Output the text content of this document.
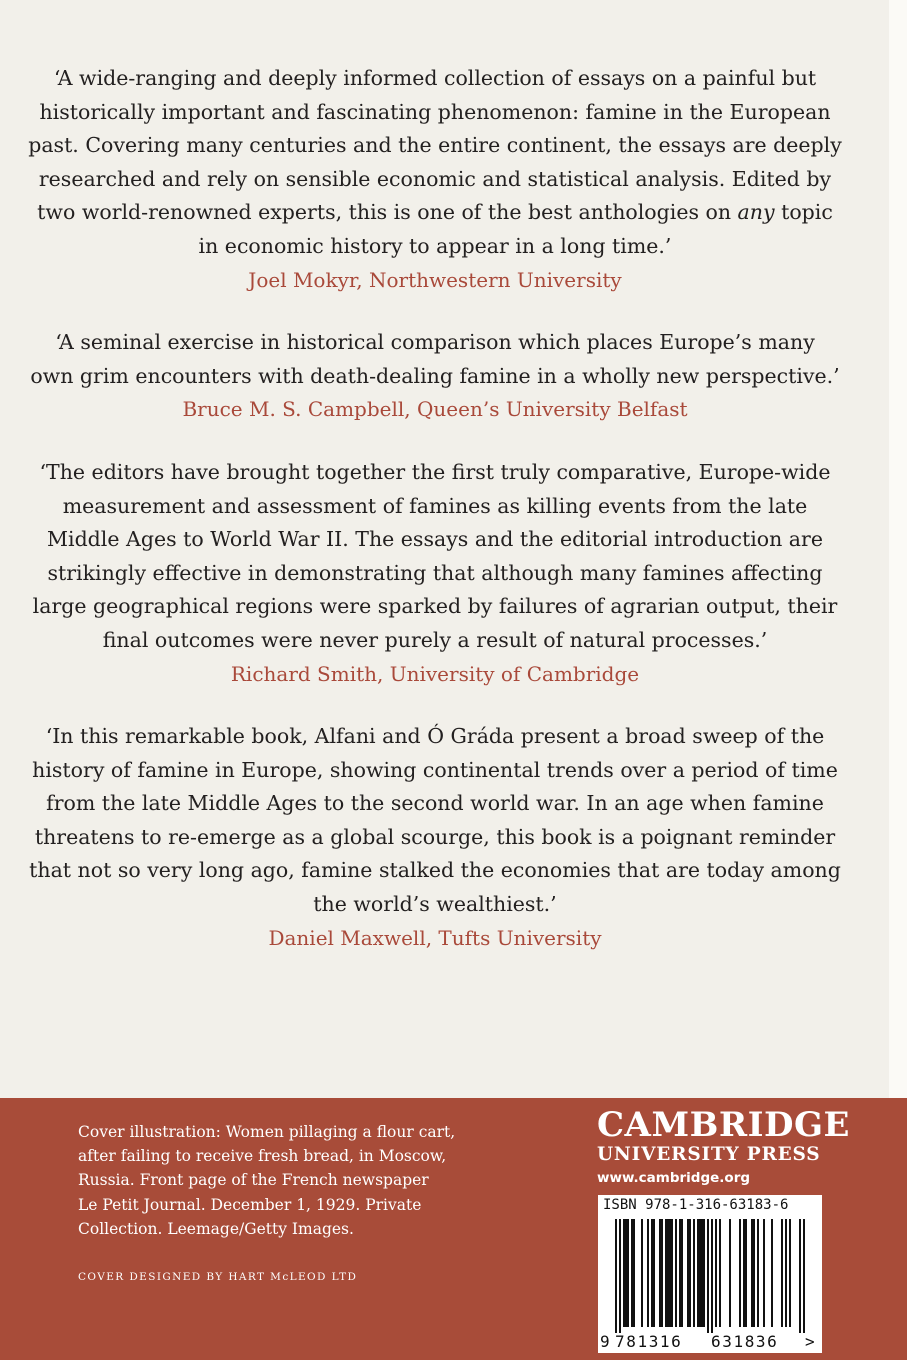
‘A wide-ranging and deeply informed collection of essays on a painful but
historically important and fascinating phenomenon: famine in the European
past. Covering many centuries and the entire continent, the essays are deeply
researched and rely on sensible economic and statistical analysis. Edited by
two world-renowned experts, this is one of the best anthologies on any topic
in economic history to appear in a long time.’
Joel Mokyr, Northwestern University
‘A seminal exercise in historical comparison which places Europe’s many
own grim encounters with death-dealing famine in a wholly new perspective.’
Bruce M. S. Campbell, Queen’s University Belfast
‘The editors have brought together the first truly comparative, Europe-wide
measurement and assessment of famines as killing events from the late
Middle Ages to World War II. The essays and the editorial introduction are
strikingly effective in demonstrating that although many famines affecting
large geographical regions were sparked by failures of agrarian output, their
final outcomes were never purely a result of natural processes.’
Richard Smith, University of Cambridge
‘In this remarkable book, Alfani and Ó Gráda present a broad sweep of the
history of famine in Europe, showing continental trends over a period of time
from the late Middle Ages to the second world war. In an age when famine
threatens to re-emerge as a global scourge, this book is a poignant reminder
that not so very long ago, famine stalked the economies that are today among
the world’s wealthiest.’
Daniel Maxwell, Tufts University
Cover illustration: Women pillaging a flour cart,
after failing to receive fresh bread, in Moscow,
Russia. Front page of the French newspaper
Le Petit Journal. December 1, 1929. Private
Collection. Leemage/Getty Images.
COVER DESIGNED BY HART McLEOD LTD
CAMBRIDGE
UNIVERSITY PRESS
www.cambridge.org
ISBN 978-1-316-63183-6
9 781316 631836 >
